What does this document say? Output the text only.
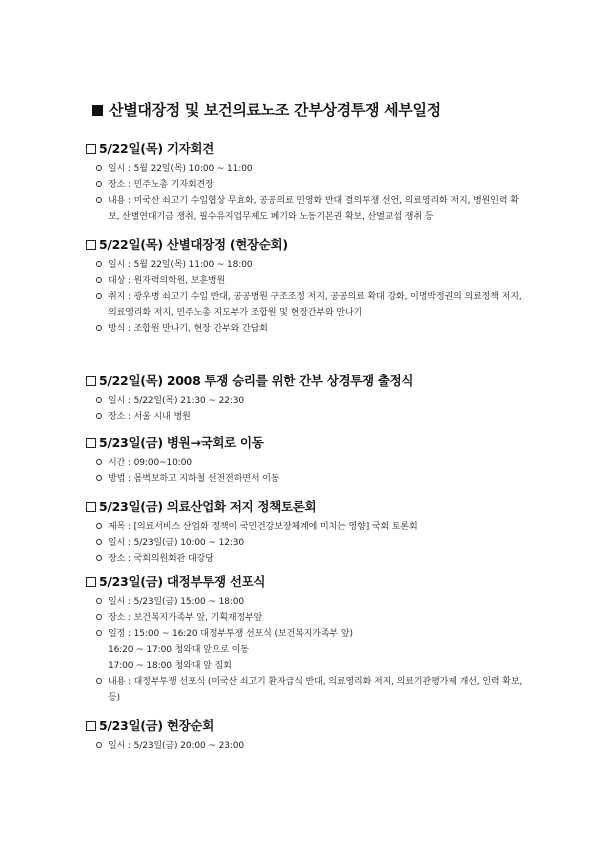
산별대장정 및 보건의료노조 간부상경투쟁 세부일정
5/22일(목) 기자회견
일시 : 5월 22일(목) 10:00 ~ 11:00
장소 : 민주노총 기자회견장
내용 : 미국산 쇠고기 수입협상 무효화, 공공의료 민영화 반대 결의투쟁 선언, 의료영리화 저지, 병원인력 확보, 산별연대기금 쟁취, 필수유지업무제도 폐기와 노동기본권 확보, 산별교섭 쟁취 등
5/22일(목) 산별대장정 (현장순회)
일시 : 5월 22일(목) 11:00 ~ 18:00
대상 : 원자력의학원, 보훈병원
취지 : 광우병 쇠고기 수입 반대, 공공병원 구조조정 저지, 공공의료 확대 강화, 이명박정권의 의료정책 저지, 의료영리화 저지, 민주노총 지도부가 조합원 및 현장간부와 만나기
방식 : 조합원 만나기, 현장 간부와 간담회
5/22일(목) 2008 투쟁 승리를 위한 간부 상경투쟁 출정식
일시 : 5/22일(목) 21:30 ~ 22:30
장소 : 서울 시내 병원
5/23일(금) 병원→국회로 이동
시간 : 09:00~10:00
방법 : 몸벽보하고 지하철 선전전하면서 이동
5/23일(금) 의료산업화 저지 정책토론회
제목 : [의료서비스 산업화 정책이 국민건강보장체계에 미치는 영향] 국회 토론회
일시 : 5/23일(금) 10:00 ~ 12:30
장소 : 국회의원회관 대강당
5/23일(금) 대정부투쟁 선포식
일시 : 5/23일(금) 15:00 ~ 18:00
장소 : 보건복지가족부 앞, 기획재정부앞
일정 : 15:00 ~ 16:20 대정부투쟁 선포식 (보건복지가족부 앞)
16:20 ~ 17:00 청와대 앞으로 이동
17:00 ~ 18:00 청와대 앞 집회
내용 : 대정부투쟁 선포식 (미국산 쇠고기 환자급식 반대, 의료영리화 저지, 의료기관평가제 개선, 인력 확보, 등)
5/23일(금) 현장순회
일시 : 5/23일(금) 20:00 ~ 23:00
